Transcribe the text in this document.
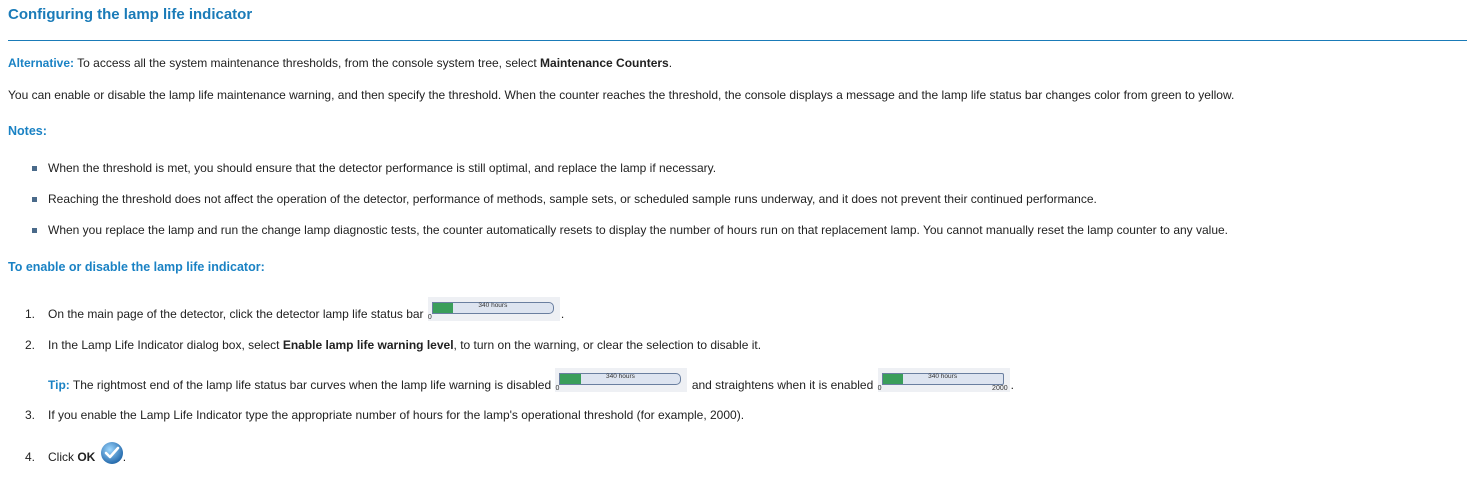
Configuring the lamp life indicator
Alternative: To access all the system maintenance thresholds, from the console system tree, select Maintenance Counters.
You can enable or disable the lamp life maintenance warning, and then specify the threshold. When the counter reaches the threshold, the console displays a message and the lamp life status bar changes color from green to yellow.
Notes:
When the threshold is met, you should ensure that the detector performance is still optimal, and replace the lamp if necessary.
Reaching the threshold does not affect the operation of the detector, performance of methods, sample sets, or scheduled sample runs underway, and it does not prevent their continued performance.
When you replace the lamp and run the change lamp diagnostic tests, the counter automatically resets to display the number of hours run on that replacement lamp. You cannot manually reset the lamp counter to any value.
To enable or disable the lamp life indicator:
1. On the main page of the detector, click the detector lamp life status bar 0
340 hours
.
2. In the Lamp Life Indicator dialog box, select Enable lamp life warning level, to turn on the warning, or clear the selection to disable it.
Tip: The rightmost end of the lamp life status bar curves when the lamp life warning is disabled 0
340 hours
and straightens when it is enabled 0
340 hours
2000 .
3. If you enable the Lamp Life Indicator type the appropriate number of hours for the lamp's operational threshold (for example, 2000).
4. Click OK .
